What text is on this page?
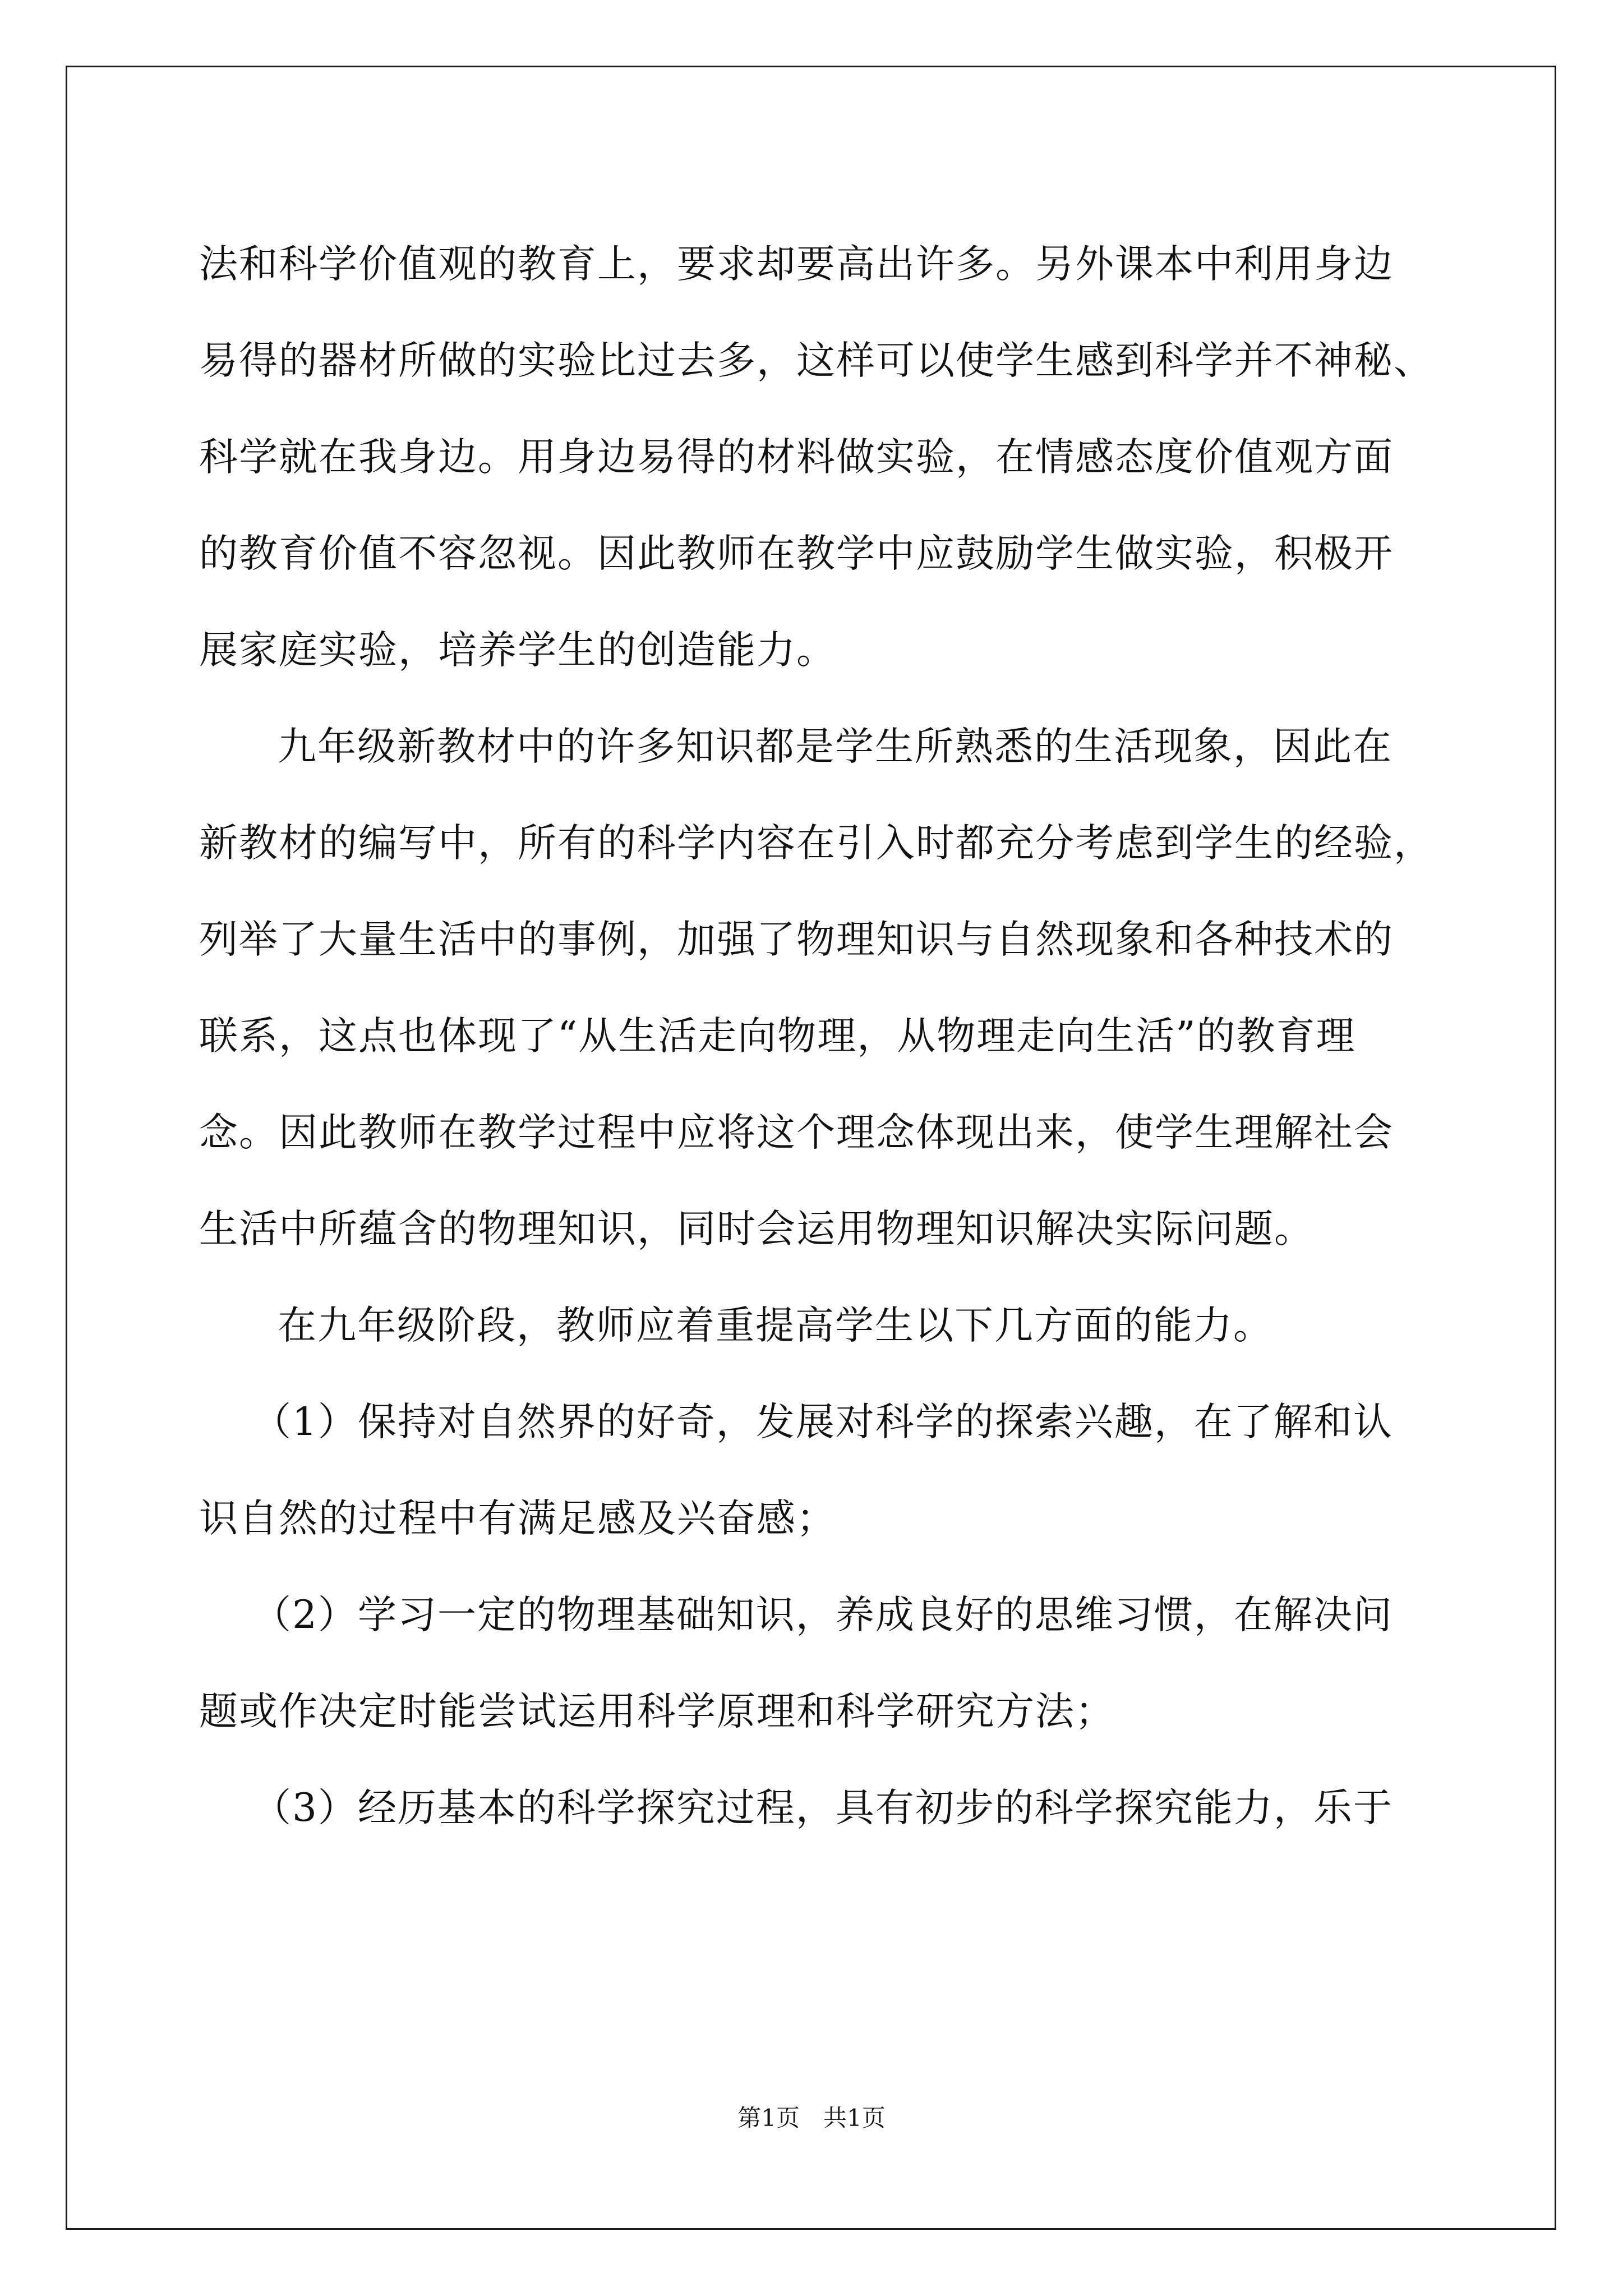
法和科学价值观的教育上，要求却要高出许多。另外课本中利用身边
易得的器材所做的实验比过去多，这样可以使学生感到科学并不神秘、
科学就在我身边。用身边易得的材料做实验，在情感态度价值观方面
的教育价值不容忽视。因此教师在教学中应鼓励学生做实验，积极开
展家庭实验，培养学生的创造能力。
九年级新教材中的许多知识都是学生所熟悉的生活现象，因此在
新教材的编写中，所有的科学内容在引入时都充分考虑到学生的经验，
列举了大量生活中的事例，加强了物理知识与自然现象和各种技术的
联系，这点也体现了“从生活走向物理，从物理走向生活”的教育理
念。因此教师在教学过程中应将这个理念体现出来，使学生理解社会
生活中所蕴含的物理知识，同时会运用物理知识解决实际问题。
在九年级阶段，教师应着重提高学生以下几方面的能力。
（1）保持对自然界的好奇，发展对科学的探索兴趣，在了解和认
识自然的过程中有满足感及兴奋感；
（2）学习一定的物理基础知识，养成良好的思维习惯，在解决问
题或作决定时能尝试运用科学原理和科学研究方法；
（3）经历基本的科学探究过程，具有初步的科学探究能力，乐于
第1页　共1页
